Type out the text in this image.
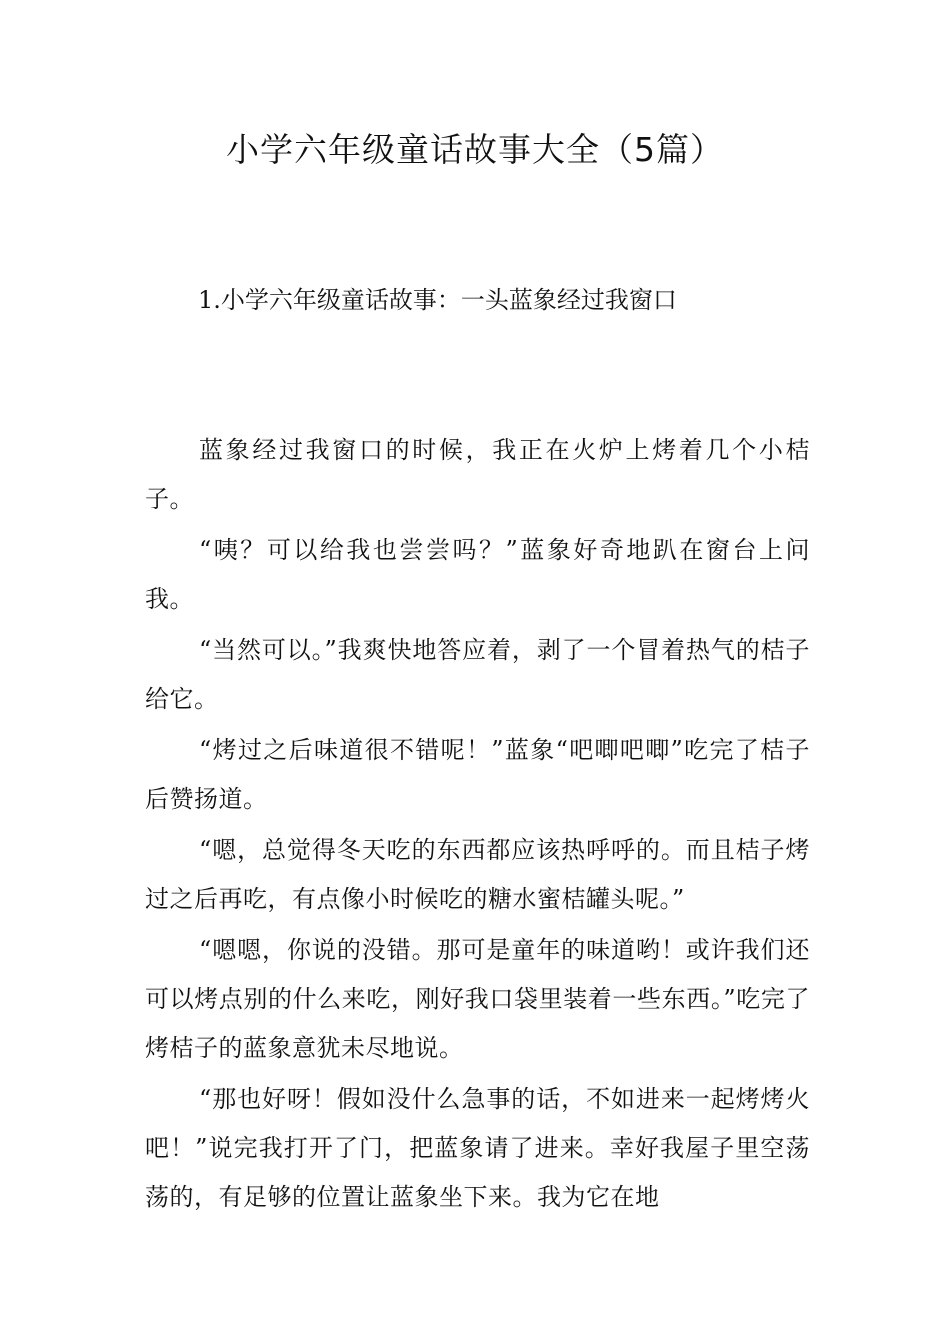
小学六年级童话故事大全（5篇）
1.小学六年级童话故事：一头蓝象经过我窗口

蓝象经过我窗口的时候，我正在火炉上烤着几个小桔子。

“咦？可以给我也尝尝吗？”蓝象好奇地趴在窗台上问我。

“当然可以。”我爽快地答应着，剥了一个冒着热气的桔子给它。

“烤过之后味道很不错呢！”蓝象“吧唧吧唧”吃完了桔子后赞扬道。

“嗯，总觉得冬天吃的东西都应该热呼呼的。而且桔子烤过之后再吃，有点像小时候吃的糖水蜜桔罐头呢。”

“嗯嗯，你说的没错。那可是童年的味道哟！或许我们还可以烤点别的什么来吃，刚好我口袋里装着一些东西。”吃完了烤桔子的蓝象意犹未尽地说。

“那也好呀！假如没什么急事的话，不如进来一起烤烤火吧！”说完我打开了门，把蓝象请了进来。幸好我屋子里空荡荡的，有足够的位置让蓝象坐下来。我为它在地
